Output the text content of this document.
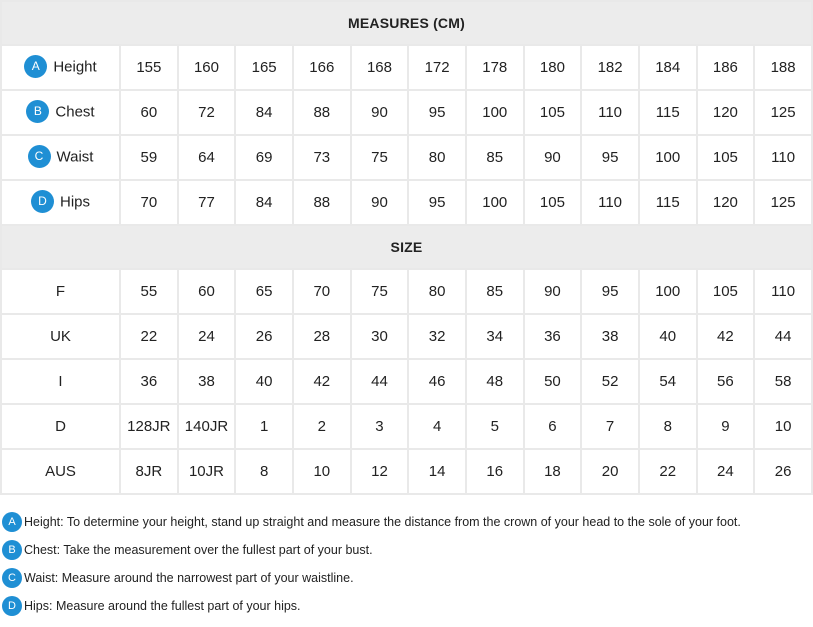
MEASURES (CM)												
A Height	155	160	165	166	168	172	178	180	182	184	186	188
B Chest	60	72	84	88	90	95	100	105	110	115	120	125
C Waist	59	64	69	73	75	80	85	90	95	100	105	110
D Hips	70	77	84	88	90	95	100	105	110	115	120	125
SIZE												
F	55	60	65	70	75	80	85	90	95	100	105	110
UK	22	24	26	28	30	32	34	36	38	40	42	44
I	36	38	40	42	44	46	48	50	52	54	56	58
D	128JR	140JR	1	2	3	4	5	6	7	8	9	10
AUS	8JR	10JR	8	10	12	14	16	18	20	22	24	26
A Height: To determine your height, stand up straight and measure the distance from the crown of your head to the sole of your foot.
B Chest: Take the measurement over the fullest part of your bust.
C Waist: Measure around the narrowest part of your waistline.
D Hips: Measure around the fullest part of your hips.
